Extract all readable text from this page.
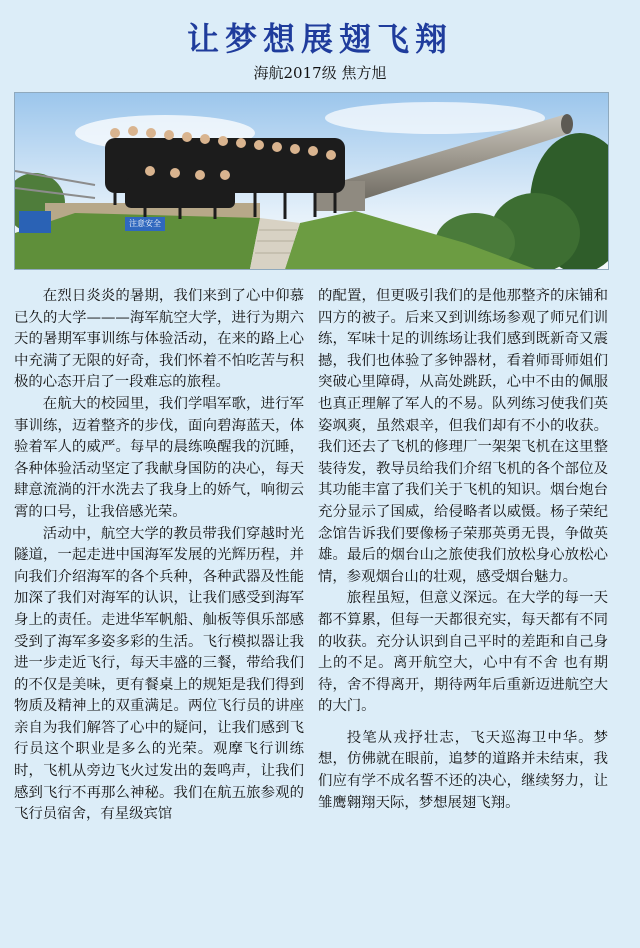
让梦想展翅飞翔
海航2017级 焦方旭
注意安全

在烈日炎炎的暑期，我们来到了心中仰慕已久的大学———海军航空大学，进行为期六天的暑期军事训练与体验活动，在来的路上心中充满了无限的好奇，我们怀着不怕吃苦与积极的心态开启了一段难忘的旅程。

在航大的校园里，我们学唱军歌，进行军事训练，迈着整齐的步伐，面向碧海蓝天，体验着军人的威严。每早的晨练唤醒我的沉睡，各种体验活动坚定了我献身国防的决心，每天肆意流淌的汗水洗去了我身上的娇气，响彻云霄的口号，让我倍感光荣。

活动中，航空大学的教员带我们穿越时光隧道，一起走进中国海军发展的光辉历程，并向我们介绍海军的各个兵种，各种武器及性能加深了我们对海军的认识，让我们感受到海军身上的责任。走进华军帆船、舢板等俱乐部感受到了海军多姿多彩的生活。飞行模拟器让我进一步走近飞行，每天丰盛的三餐，带给我们的不仅是美味，更有餐桌上的规矩是我们得到物质及精神上的双重满足。两位飞行员的讲座亲自为我们解答了心中的疑问，让我们感到飞行员这个职业是多么的光荣。观摩飞行训练时，飞机从旁边飞火过发出的轰鸣声，让我们感到飞行不再那么神秘。我们在航五旅参观的飞行员宿舍，有星级宾馆

的配置，但更吸引我们的是他那整齐的床铺和四方的被子。后来又到训练场参观了师兄们训练，军味十足的训练场让我们感到既新奇又震撼，我们也体验了多钟器材，看着师哥师姐们突破心里障碍，从高处跳跃，心中不由的佩服也真正理解了军人的不易。队列练习使我们英姿飒爽，虽然艰辛，但我们却有不小的收获。我们还去了飞机的修理厂一架架飞机在这里整装待发，教导员给我们介绍飞机的各个部位及其功能丰富了我们关于飞机的知识。烟台炮台充分显示了国威，给侵略者以威慑。杨子荣纪念馆告诉我们要像杨子荣那英勇无畏，争做英雄。最后的烟台山之旅使我们放松身心放松心情，参观烟台山的壮观，感受烟台魅力。

旅程虽短，但意义深远。在大学的每一天都不算累，但每一天都很充实，每天都有不同的收获。充分认识到自己平时的差距和自己身上的不足。离开航空大，心中有不舍 也有期待，舍不得离开，期待两年后重新迈进航空大的大门。

投笔从戎抒壮志，飞天巡海卫中华。梦想，仿佛就在眼前，追梦的道路并未结束，我们应有学不成名誓不还的决心，继续努力，让雏鹰翱翔天际，梦想展翅飞翔。
